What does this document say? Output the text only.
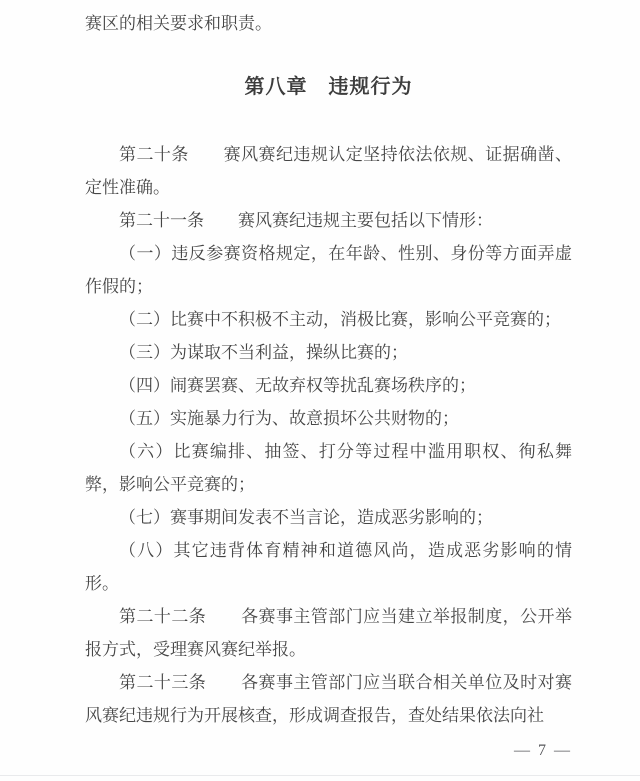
赛区的相关要求和职责。

第八章　违规行为

第二十条　　赛风赛纪违规认定坚持依法依规、证据确凿、定性准确。

第二十一条　　赛风赛纪违规主要包括以下情形：

（一）违反参赛资格规定，在年龄、性别、身份等方面弄虚作假的；

（二）比赛中不积极不主动，消极比赛，影响公平竞赛的；

（三）为谋取不当利益，操纵比赛的；

（四）闹赛罢赛、无故弃权等扰乱赛场秩序的；

（五）实施暴力行为、故意损坏公共财物的；

（六）比赛编排、抽签、打分等过程中滥用职权、徇私舞弊，影响公平竞赛的；

（七）赛事期间发表不当言论，造成恶劣影响的；

（八）其它违背体育精神和道德风尚，造成恶劣影响的情形。

第二十二条　　各赛事主管部门应当建立举报制度，公开举报方式，受理赛风赛纪举报。

第二十三条　　各赛事主管部门应当联合相关单位及时对赛风赛纪违规行为开展核查，形成调查报告，查处结果依法向社

— 7 —
